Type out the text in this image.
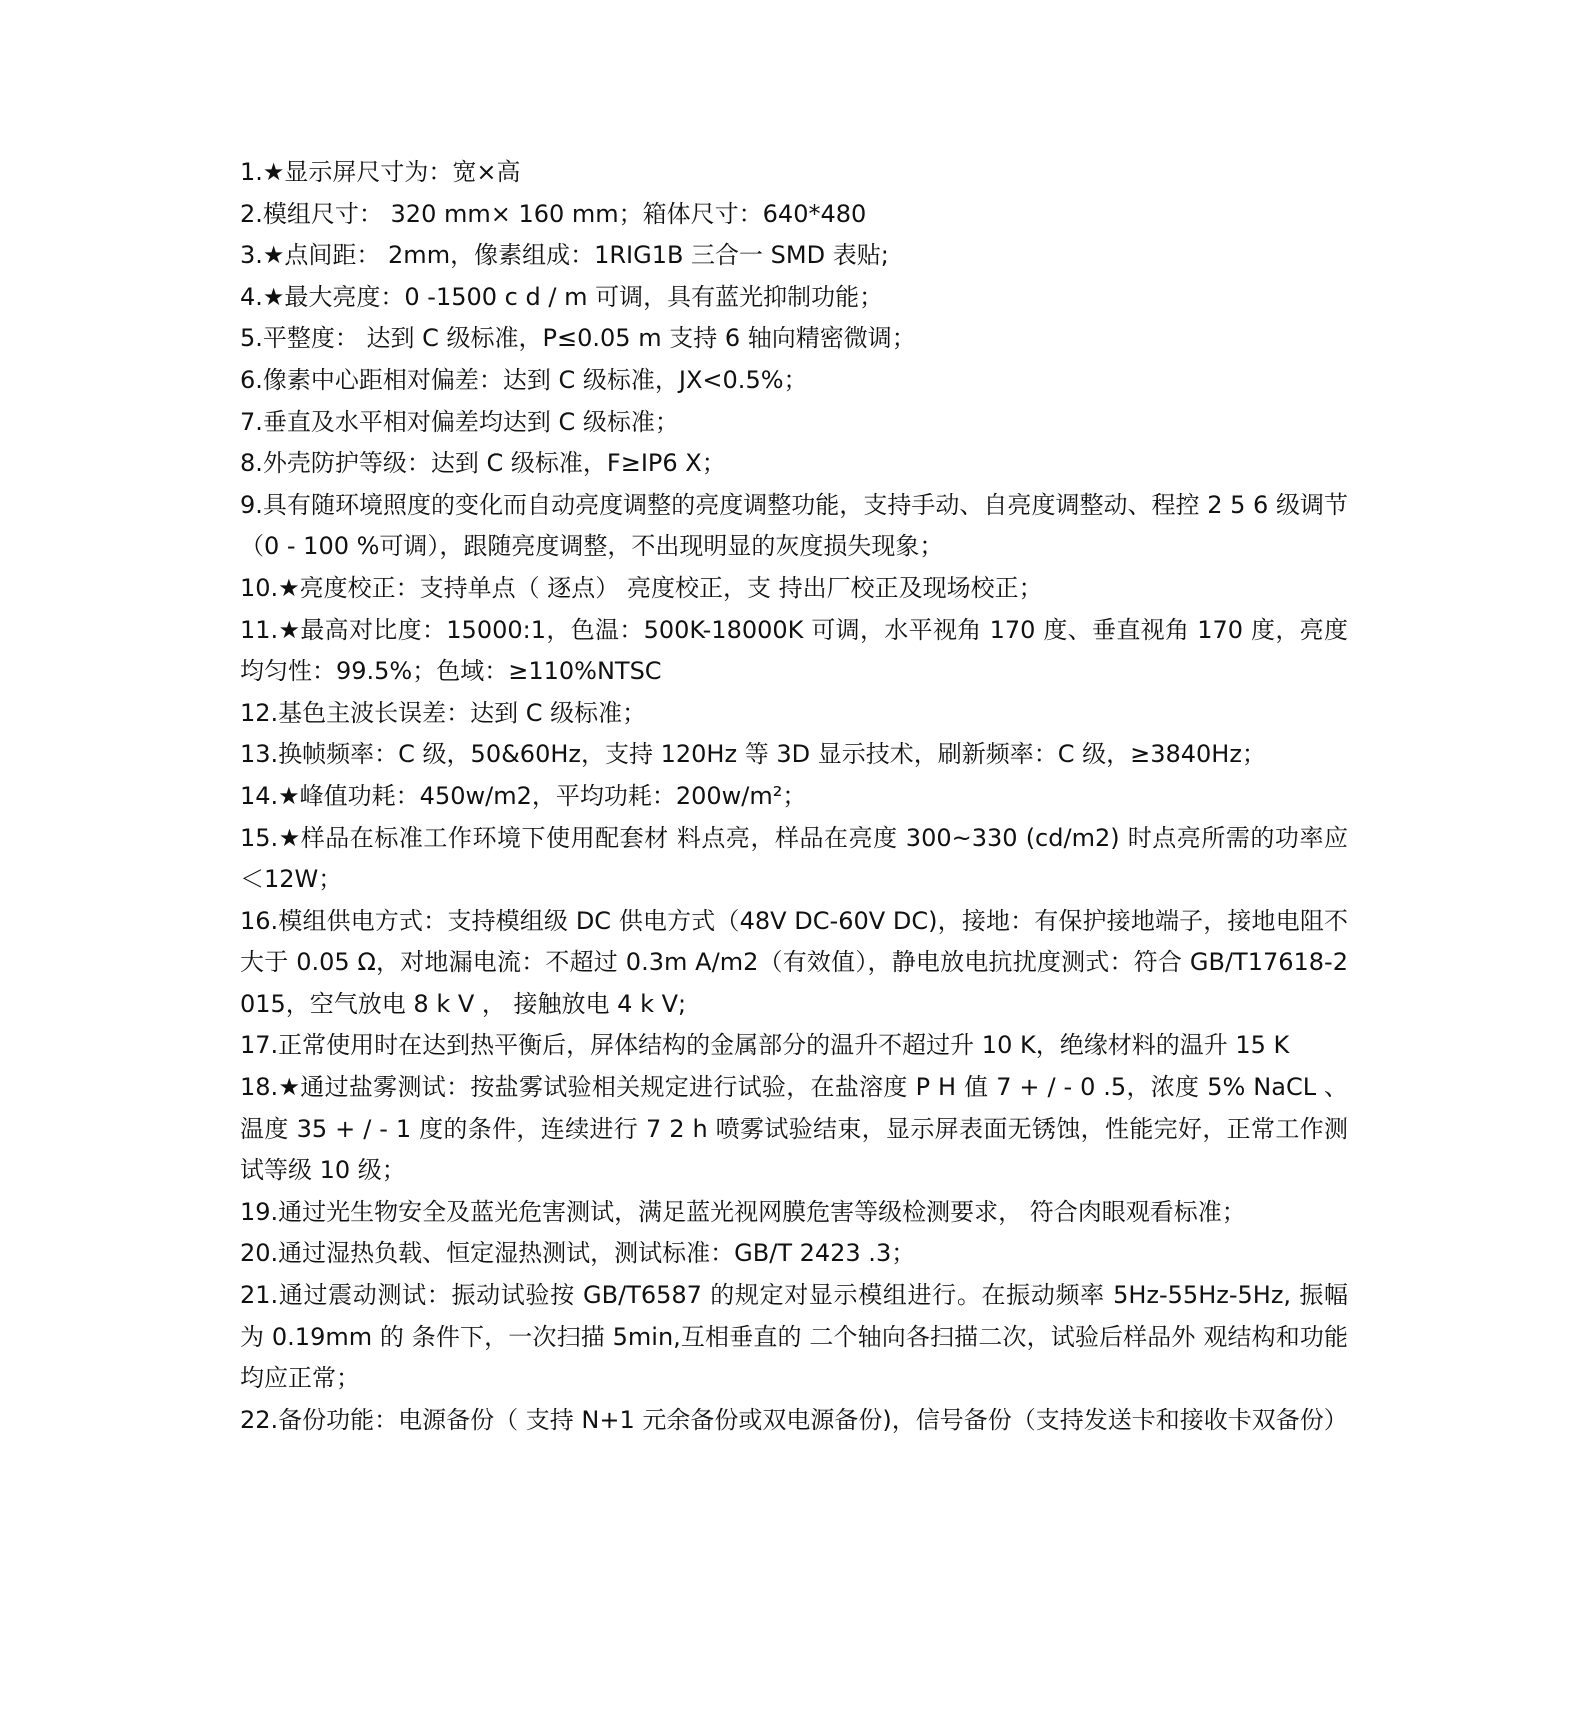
1.★显示屏尺寸为：宽×高

2.模组尺寸： 320 mm× 160 mm；箱体尺寸：640*480

3.★点间距： 2mm，像素组成：1RIG1B 三合一 SMD 表贴;

4.★最大亮度：0 -1500 c d / m 可调，具有蓝光抑制功能；

5.平整度： 达到 C 级标准，P≤0.05 m 支持 6 轴向精密微调；

6.像素中心距相对偏差：达到 C 级标准，JX<0.5%；

7.垂直及水平相对偏差均达到 C 级标准；

8.外壳防护等级：达到 C 级标准，F≥IP6 X；

9.具有随环境照度的变化而自动亮度调整的亮度调整功能，支持手动、自亮度调整动、程控 2 5 6 级调节（0 - 100 %可调），跟随亮度调整，不出现明显的灰度损失现象；

10.★亮度校正：支持单点（ 逐点） 亮度校正，支 持出厂校正及现场校正；

11.★最高对比度：15000:1，色温：500K-18000K 可调，水平视角 170 度、垂直视角 170 度，亮度均匀性：99.5%；色域：≥110%NTSC

12.基色主波长误差：达到 C 级标准；

13.换帧频率：C 级，50&60Hz，支持 120Hz 等 3D 显示技术，刷新频率：C 级，≥3840Hz；

14.★峰值功耗：450w/m2，平均功耗：200w/m²；

15.★样品在标准工作环境下使用配套材 料点亮，样品在亮度 300~330 (cd/m2) 时点亮所需的功率应＜12W；

16.模组供电方式：支持模组级 DC 供电方式（48V DC-60V DC)，接地：有保护接地端子，接地电阻不大于 0.05 Ω，对地漏电流：不超过 0.3m A/m2（有效值），静电放电抗扰度测式：符合 GB/T17618-2015，空气放电 8 k V ， 接触放电 4 k V;

17.正常使用时在达到热平衡后，屏体结构的金属部分的温升不超过升 10 K，绝缘材料的温升 15 K

18.★通过盐雾测试：按盐雾试验相关规定进行试验，在盐溶度 P H 值 7 + / - 0 .5，浓度 5% NaCL 、温度 35 + / - 1 度的条件，连续进行 7 2 h 喷雾试验结束，显示屏表面无锈蚀，性能完好，正常工作测试等级 10 级；

19.通过光生物安全及蓝光危害测试，满足蓝光视网膜危害等级检测要求， 符合肉眼观看标准；

20.通过湿热负载、恒定湿热测试，测试标准：GB/T 2423 .3；

21.通过震动测试：振动试验按 GB/T6587 的规定对显示模组进行。在振动频率 5Hz-55Hz-5Hz, 振幅为 0.19mm 的 条件下，一次扫描 5min,互相垂直的 二个轴向各扫描二次，试验后样品外 观结构和功能均应正常；

22.备份功能：电源备份（ 支持 N+1 元余备份或双电源备份)，信号备份（支持发送卡和接收卡双备份）
